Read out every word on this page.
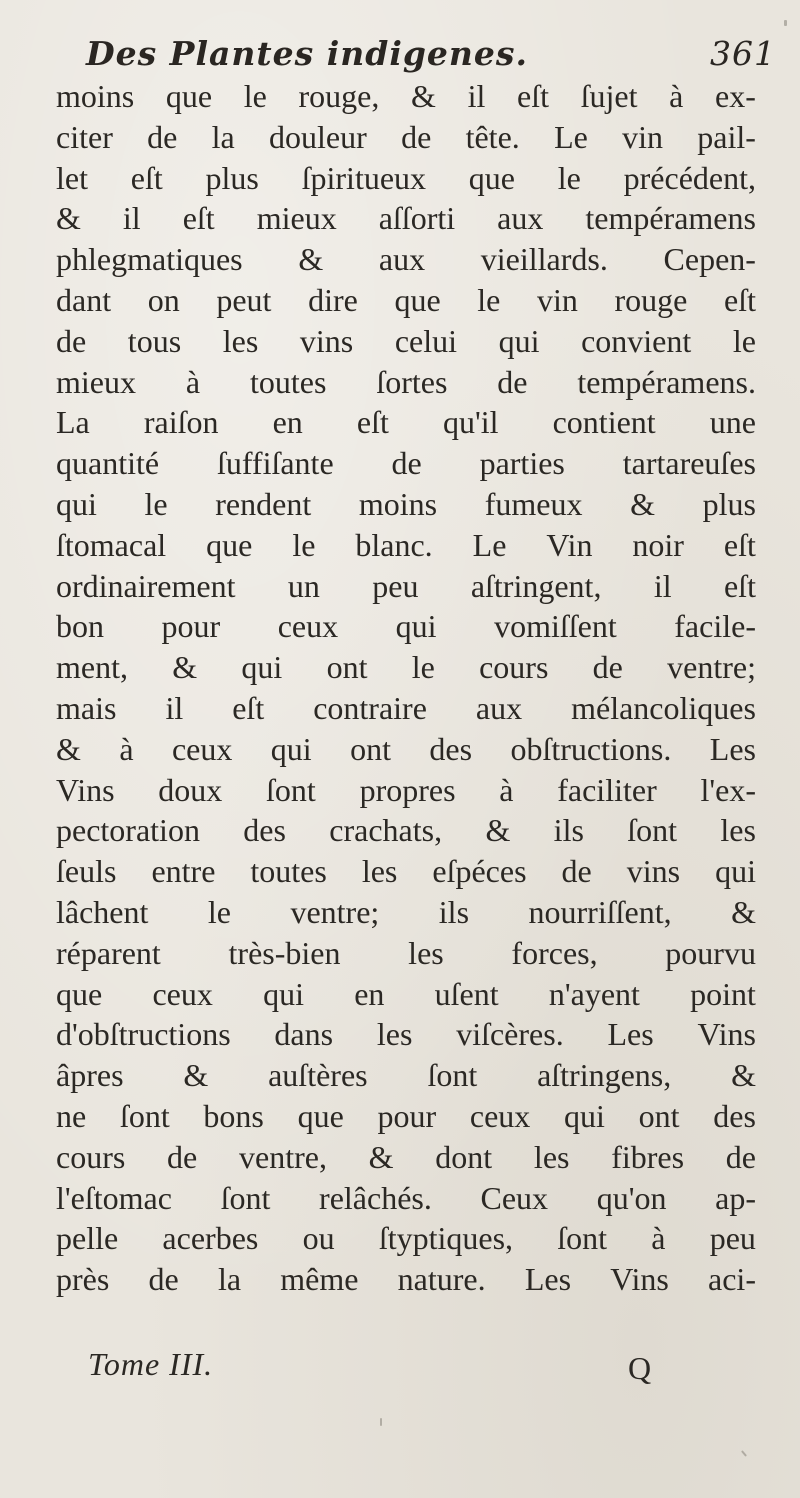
Des Plantes indigenes.	361
moins que le rouge, & il eſt ſujet à ex-
citer de la douleur de tête. Le vin pail-
let eſt plus ſpiritueux que le précédent,
& il eſt mieux aſſorti aux tempéramens
phlegmatiques & aux vieillards. Cepen-
dant on peut dire que le vin rouge eſt
de tous les vins celui qui convient le
mieux à toutes ſortes de tempéramens.
La raiſon en eſt qu'il contient une
quantité ſuffiſante de parties tartareuſes
qui le rendent moins fumeux & plus
ſtomacal que le blanc. Le Vin noir eſt
ordinairement un peu aſtringent, il eſt
bon pour ceux qui vomiſſent facile-
ment, & qui ont le cours de ventre;
mais il eſt contraire aux mélancoliques
& à ceux qui ont des obſtructions. Les
Vins doux ſont propres à faciliter l'ex-
pectoration des crachats, & ils ſont les
ſeuls entre toutes les eſpéces de vins qui
lâchent le ventre; ils nourriſſent, &
réparent très-bien les forces, pourvu
que ceux qui en uſent n'ayent point
d'obſtructions dans les viſcères. Les Vins
âpres & auſtères ſont aſtringens, &
ne ſont bons que pour ceux qui ont des
cours de ventre, & dont les fibres de
l'eſtomac ſont relâchés. Ceux qu'on ap-
pelle acerbes ou ſtyptiques, ſont à peu
près de la même nature. Les Vins aci-
Tome III.	Q
